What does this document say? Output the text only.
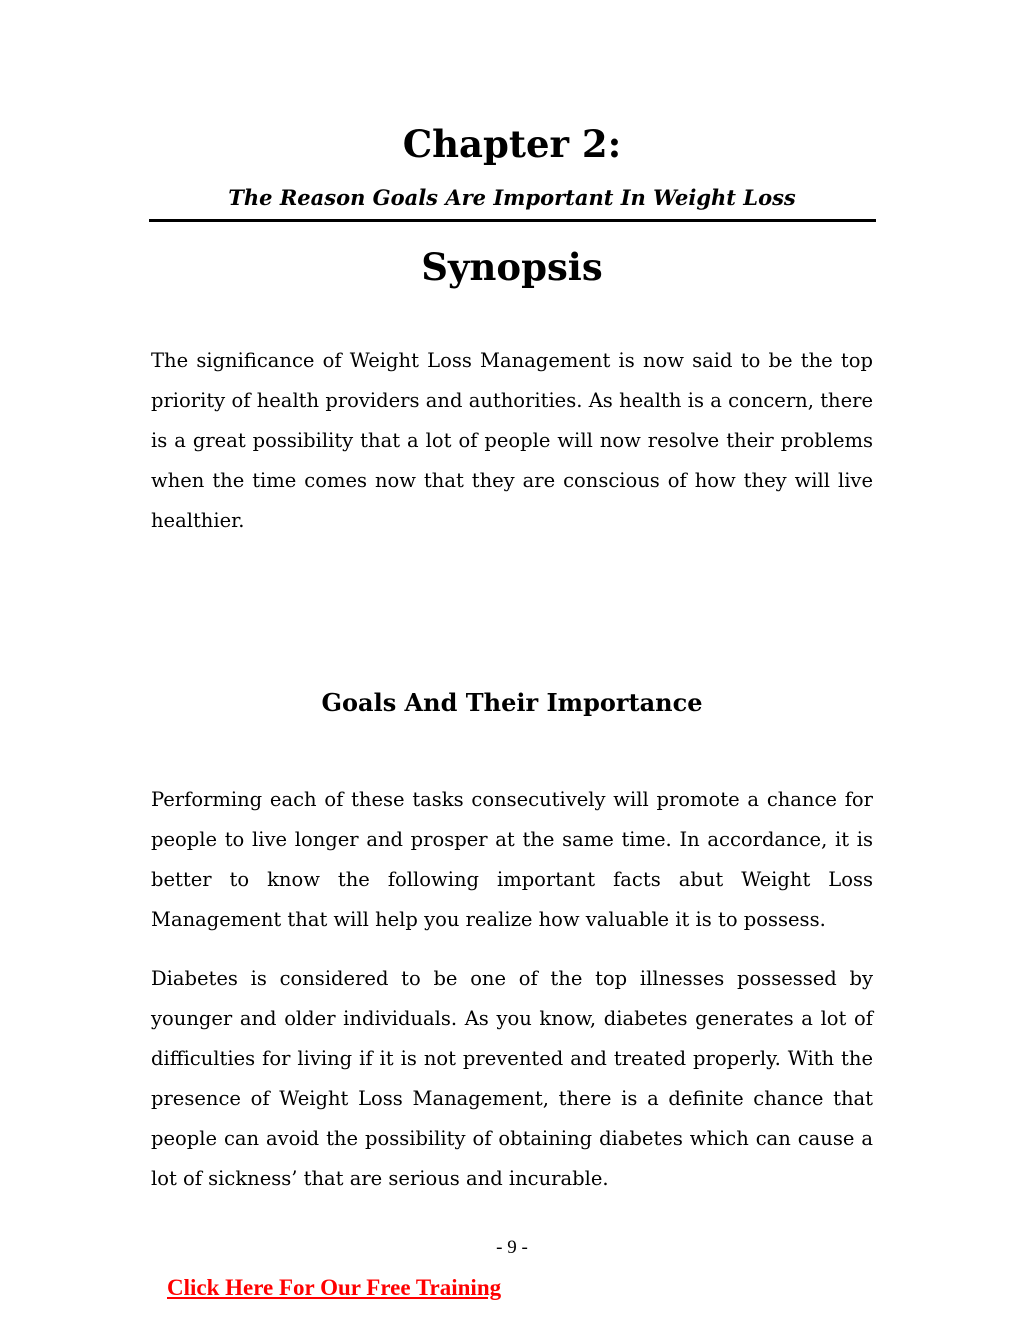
Chapter 2:
The Reason Goals Are Important In Weight Loss
Synopsis

The significance of Weight Loss Management is now said to be the top priority of health providers and authorities. As health is a concern, there is a great possibility that a lot of people will now resolve their problems when the time comes now that they are conscious of how they will live healthier.

Goals And Their Importance

Performing each of these tasks consecutively will promote a chance for people to live longer and prosper at the same time. In accordance, it is better to know the following important facts abut Weight Loss Management that will help you realize how valuable it is to possess.

Diabetes is considered to be one of the top illnesses possessed by younger and older individuals. As you know, diabetes generates a lot of difficulties for living if it is not prevented and treated properly. With the presence of Weight Loss Management, there is a definite chance that people can avoid the possibility of obtaining diabetes which can cause a lot of sickness’ that are serious and incurable.

- 9 -
Click Here For Our Free Training
